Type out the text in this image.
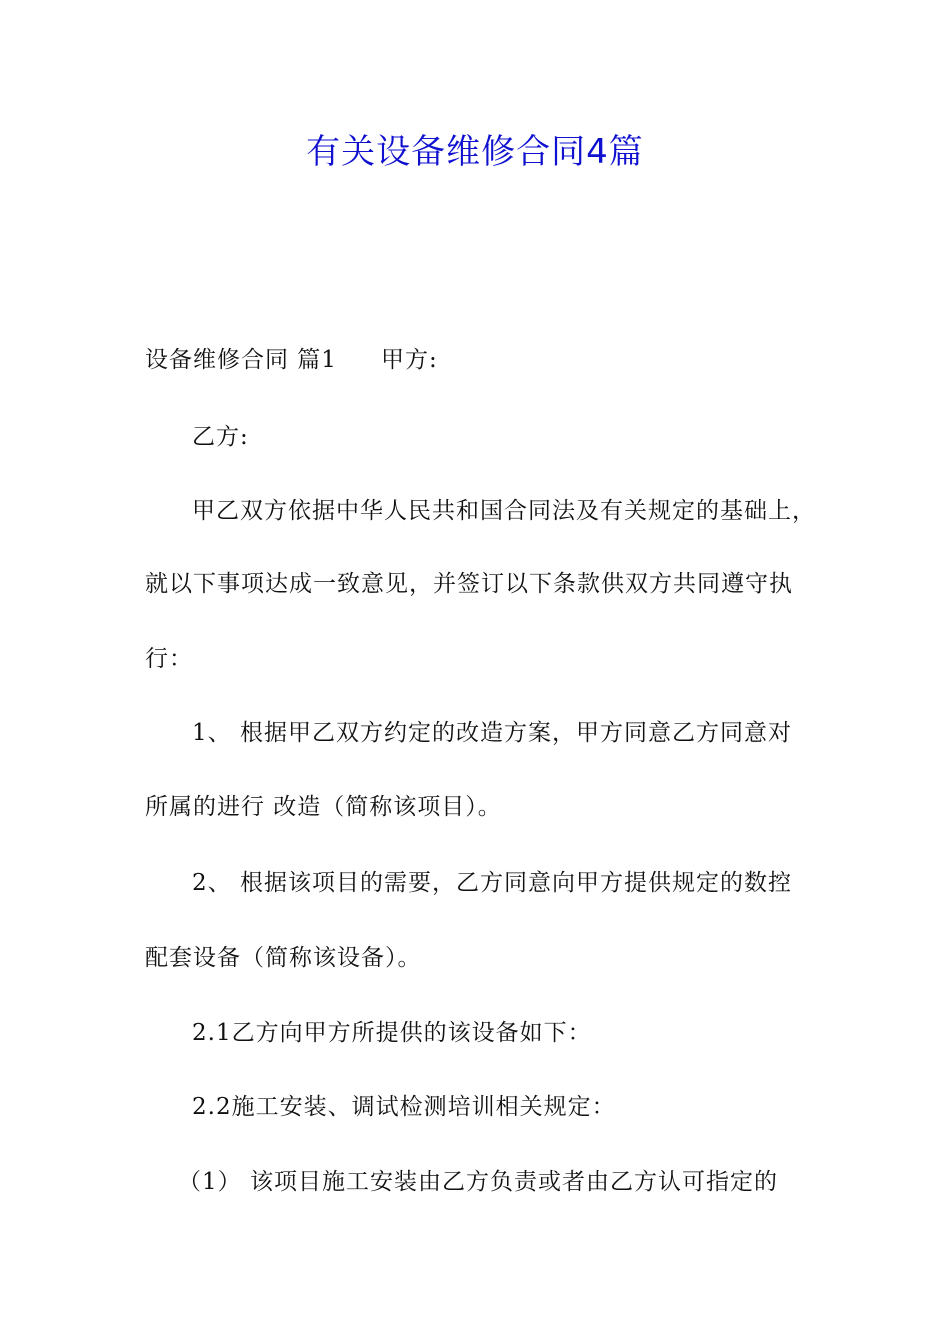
有关设备维修合同4篇
设备维修合同 篇1 甲方:
乙方:
甲乙双方依据中华人民共和国合同法及有关规定的基础上，
就以下事项达成一致意见，并签订以下条款供双方共同遵守执
行：
1、 根据甲乙双方约定的改造方案，甲方同意乙方同意对
所属的进行 改造（简称该项目）。
2、 根据该项目的需要，乙方同意向甲方提供规定的数控
配套设备（简称该设备）。
2.1乙方向甲方所提供的该设备如下：
2.2施工安装、调试检测培训相关规定：
（1） 该项目施工安装由乙方负责或者由乙方认可指定的
